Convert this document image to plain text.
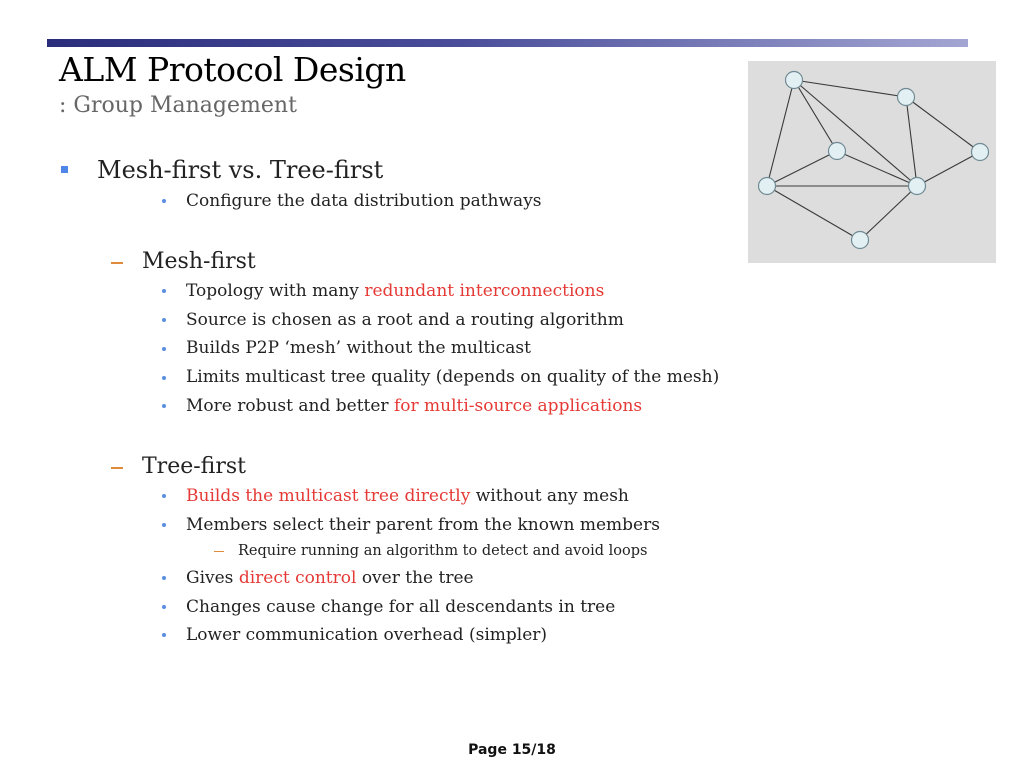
ALM Protocol Design
: Group Management
Mesh-first vs. Tree-first
Configure the data distribution pathways
Mesh-first
Topology with many redundant interconnections
Source is chosen as a root and a routing algorithm
Builds P2P ‘mesh’ without the multicast
Limits multicast tree quality (depends on quality of the mesh)
More robust and better for multi-source applications
Tree-first
Builds the multicast tree directly without any mesh
Members select their parent from the known members
Require running an algorithm to detect and avoid loops
Gives direct control over the tree
Changes cause change for all descendants in tree
Lower communication overhead (simpler)
Page 15/18
